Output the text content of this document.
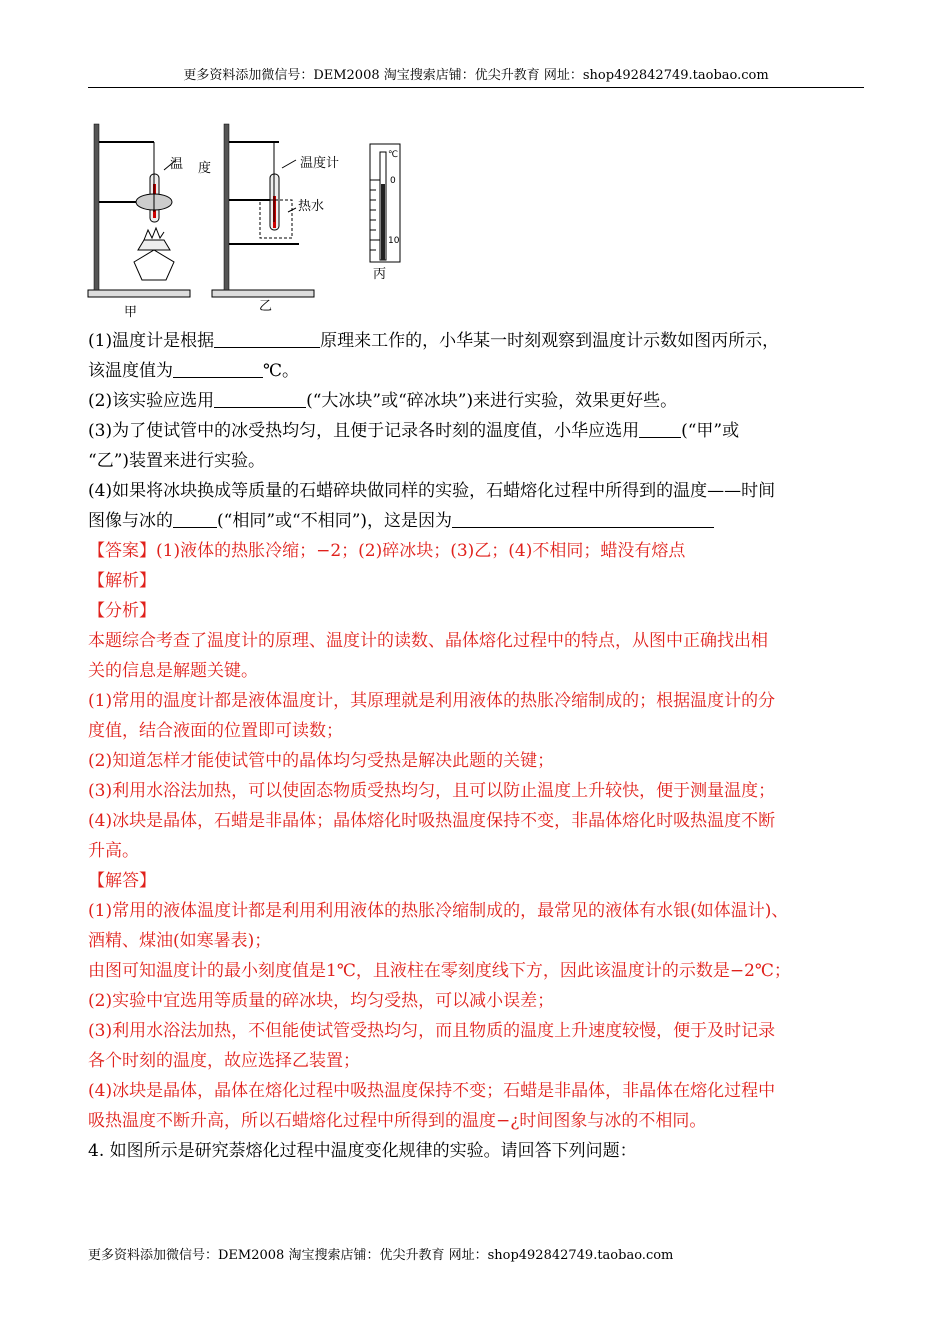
更多资料添加微信号：DEM2008 淘宝搜索店铺：优尖升教育 网址：shop492842749.taobao.com
温 度
甲
温度计
热水
乙
℃
0
10
丙
(1)温度计是根据	原理来工作的，小华某一时刻观察到温度计示数如图丙所示，
该温度值为	℃。
(2)该实验应选用	(“大冰块”或“碎冰块”)来进行实验，效果更好些。
(3)为了使试管中的冰受热均匀，且便于记录各时刻的温度值，小华应选用 (“甲”或
“乙”)装置来进行实验。
(4)如果将冰块换成等质量的石蜡碎块做同样的实验，石蜡熔化过程中所得到的温度——时间
图像与冰的	(“相同”或“不相同”)，这是因为
【答案】(1)液体的热胀冷缩；−2；(2)碎冰块；(3)乙；(4)不相同；蜡没有熔点
【解析】
【分析】
本题综合考查了温度计的原理、温度计的读数、晶体熔化过程中的特点，从图中正确找出相
关的信息是解题关键。
(1)常用的温度计都是液体温度计，其原理就是利用液体的热胀冷缩制成的；根据温度计的分
度值，结合液面的位置即可读数；
(2)知道怎样才能使试管中的晶体均匀受热是解决此题的关键；
(3)利用水浴法加热，可以使固态物质受热均匀，且可以防止温度上升较快，便于测量温度；
(4)冰块是晶体，石蜡是非晶体；晶体熔化时吸热温度保持不变，非晶体熔化时吸热温度不断
升高。
【解答】
(1)常用的液体温度计都是利用利用液体的热胀冷缩制成的，最常见的液体有水银(如体温计)、
酒精、煤油(如寒暑表)；
由图可知温度计的最小刻度值是1℃，且液柱在零刻度线下方，因此该温度计的示数是−2℃；
(2)实验中宜选用等质量的碎冰块，均匀受热，可以减小误差；
(3)利用水浴法加热，不但能使试管受热均匀，而且物质的温度上升速度较慢，便于及时记录
各个时刻的温度，故应选择乙装置；
(4)冰块是晶体，晶体在熔化过程中吸热温度保持不变；石蜡是非晶体，非晶体在熔化过程中
吸热温度不断升高，所以石蜡熔化过程中所得到的温度−¿时间图象与冰的不相同。
4. 如图所示是研究萘熔化过程中温度变化规律的实验。请回答下列问题：
更多资料添加微信号：DEM2008 淘宝搜索店铺：优尖升教育 网址：shop492842749.taobao.com
